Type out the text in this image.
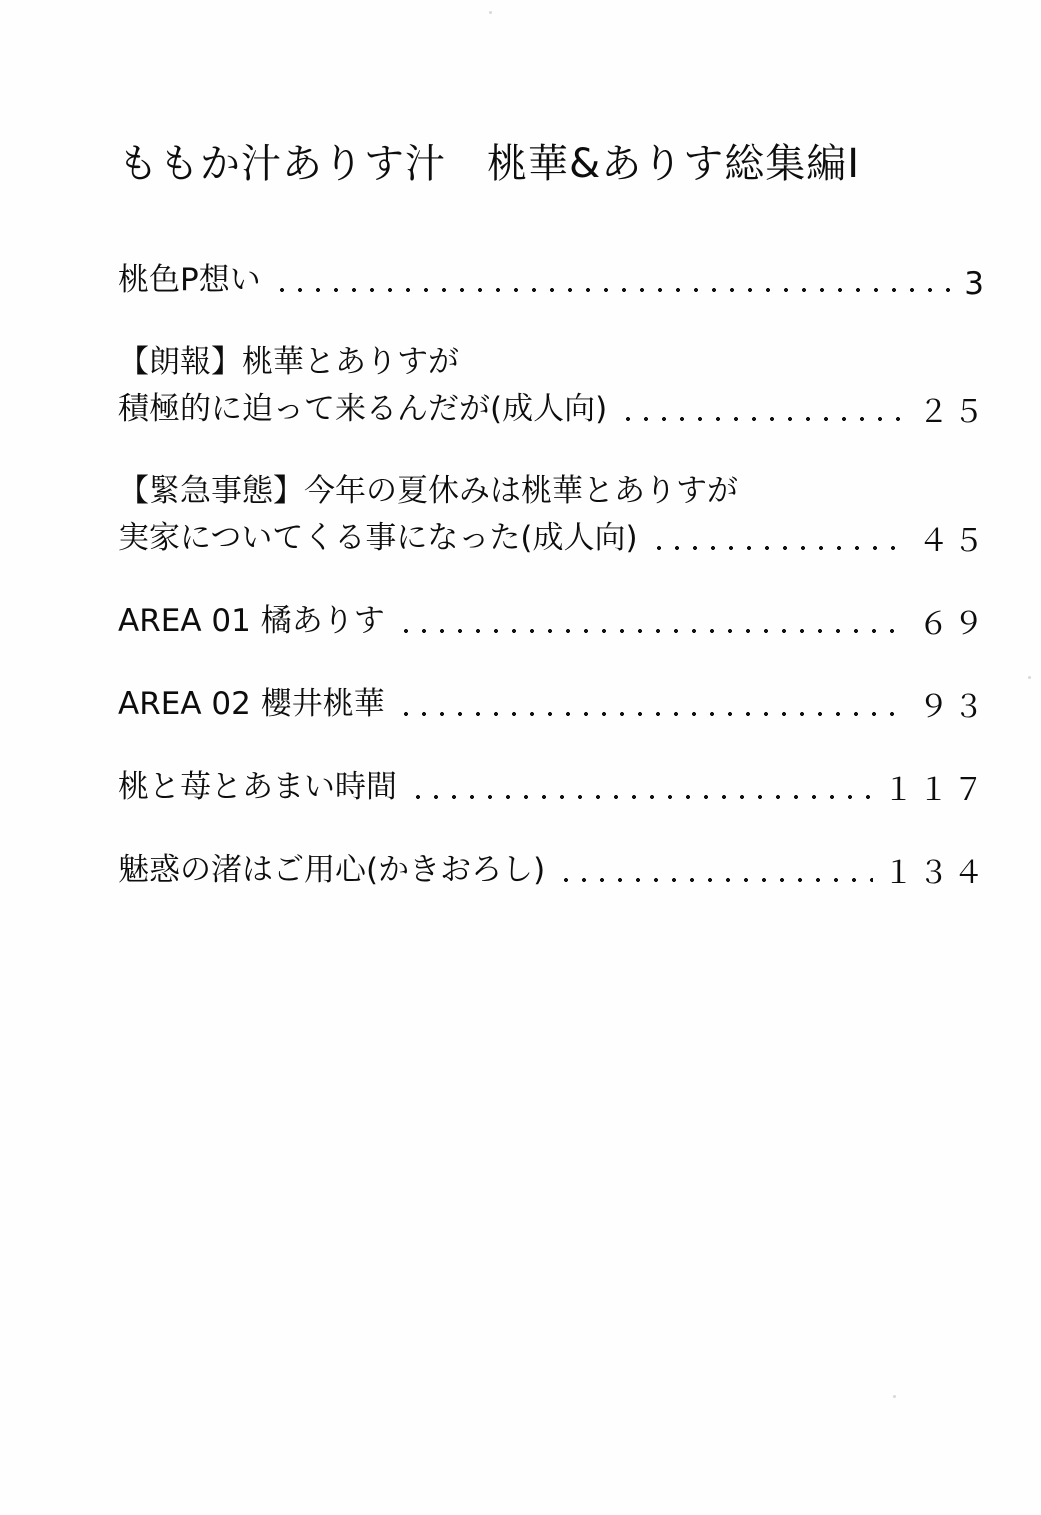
ももか汁ありす汁　桃華&ありす総集編Ⅰ
桃色P想い	3
【朗報】桃華とありすが
積極的に迫って来るんだが(成人向)	２５
【緊急事態】今年の夏休みは桃華とありすが
実家についてくる事になった(成人向)	４５
AREA 01 橘ありす	６９
AREA 02 櫻井桃華	９３
桃と苺とあまい時間	１１７
魅惑の渚はご用心(かきおろし)	１３４
